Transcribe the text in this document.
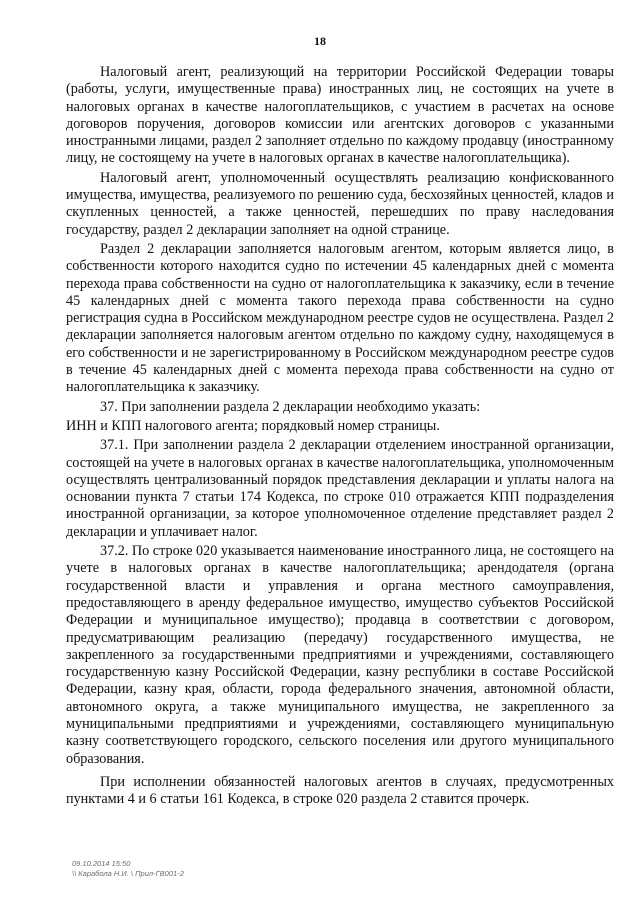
18

Налоговый агент, реализующий на территории Российской Федерации товары (работы, услуги, имущественные права) иностранных лиц, не состоящих на учете в налоговых органах в качестве налогоплательщиков, с участием в расчетах на основе договоров поручения, договоров комиссии или агентских договоров с указанными иностранными лицами, раздел 2 заполняет отдельно по каждому продавцу (иностранному лицу, не состоящему на учете в налоговых органах в качестве налогоплательщика).

Налоговый агент, уполномоченный осуществлять реализацию конфискованного имущества, имущества, реализуемого по решению суда, бесхозяйных ценностей, кладов и скупленных ценностей, а также ценностей, перешедших по праву наследования государству, раздел 2 декларации заполняет на одной странице.

Раздел 2 декларации заполняется налоговым агентом, которым является лицо, в собственности которого находится судно по истечении 45 календарных дней с момента перехода права собственности на судно от налогоплательщика к заказчику, если в течение 45 календарных дней с момента такого перехода права собственности на судно регистрация судна в Российском международном реестре судов не осуществлена. Раздел 2 декларации заполняется налоговым агентом отдельно по каждому судну, находящемуся в его собственности и не зарегистрированному в Российском международном реестре судов в течение 45 календарных дней с момента перехода права собственности на судно от налогоплательщика к заказчику.

37. При заполнении раздела 2 декларации необходимо указать:

ИНН и КПП налогового агента; порядковый номер страницы.

37.1. При заполнении раздела 2 декларации отделением иностранной организации, состоящей на учете в налоговых органах в качестве налогоплательщика, уполномоченным осуществлять централизованный порядок представления декларации и уплаты налога на основании пункта 7 статьи 174 Кодекса, по строке 010 отражается КПП подразделения иностранной организации, за которое уполномоченное отделение представляет раздел 2 декларации и уплачивает налог.

37.2. По строке 020 указывается наименование иностранного лица, не состоящего на учете в налоговых органах в качестве налогоплательщика; арендодателя (органа государственной власти и управления и органа местного самоуправления, предоставляющего в аренду федеральное имущество, имущество субъектов Российской Федерации и муниципальное имущество); продавца в соответствии с договором, предусматривающим реализацию (передачу) государственного имущества, не закрепленного за государственными предприятиями и учреждениями, составляющего государственную казну Российской Федерации, казну республики в составе Российской Федерации, казну края, области, города федерального значения, автономной области, автономного округа, а также муниципального имущества, не закрепленного за муниципальными предприятиями и учреждениями, составляющего муниципальную казну соответствующего городского, сельского поселения или другого муниципального образования.

При исполнении обязанностей налоговых агентов в случаях, предусмотренных пунктами 4 и 6 статьи 161 Кодекса, в строке 020 раздела 2 ставится прочерк.

09.10.2014 15:50
\\ Карабола Н.И. \ Прил-ГВ001-2
